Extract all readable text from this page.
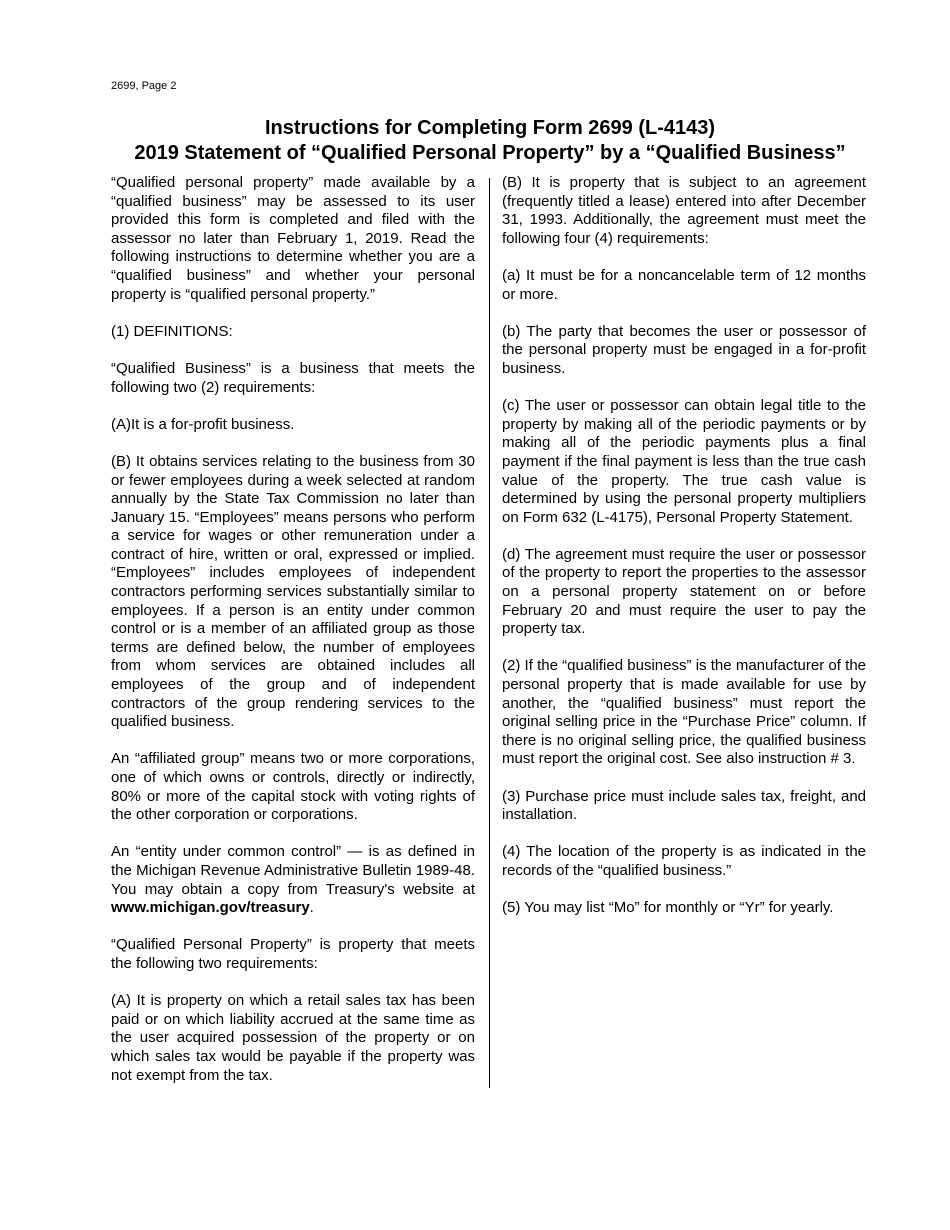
2699, Page 2
Instructions for Completing Form 2699 (L-4143)
2019 Statement of “Qualified Personal Property” by a “Qualified Business”

“Qualified personal property” made available by a “qualified business” may be assessed to its user provided this form is completed and filed with the assessor no later than February 1, 2019. Read the following instructions to determine whether you are a “qualified business” and whether your personal property is “qualified personal property.”

(1) DEFINITIONS:

“Qualified Business” is a business that meets the following two (2) requirements:

(A)It is a for-profit business.

(B) It obtains services relating to the business from 30 or fewer employees during a week selected at random annually by the State Tax Commission no later than January 15. “Employees” means persons who perform a service for wages or other remuneration under a contract of hire, written or oral, expressed or implied. “Employees” includes employees of independent contractors performing services substantially similar to employees. If a person is an entity under common control or is a member of an affiliated group as those terms are defined below, the number of employees from whom services are obtained includes all employees of the group and of independent contractors of the group rendering services to the qualified business.

An “affiliated group” means two or more corporations, one of which owns or controls, directly or indirectly, 80% or more of the capital stock with voting rights of the other corporation or corporations.

An “entity under common control” — is as defined in the Michigan Revenue Administrative Bulletin 1989-48. You may obtain a copy from Treasury's website at www.michigan.gov/treasury.

“Qualified Personal Property” is property that meets the following two requirements:

(A) It is property on which a retail sales tax has been paid or on which liability accrued at the same time as the user acquired possession of the property or on which sales tax would be payable if the property was not exempt from the tax.

(B) It is property that is subject to an agreement (frequently titled a lease) entered into after December 31, 1993. Additionally, the agreement must meet the following four (4) requirements:

(a) It must be for a noncancelable term of 12 months or more.

(b) The party that becomes the user or possessor of the personal property must be engaged in a for-profit business.

(c) The user or possessor can obtain legal title to the property by making all of the periodic payments or by making all of the periodic payments plus a final payment if the final payment is less than the true cash value of the property. The true cash value is determined by using the personal property multipliers on Form 632 (L-4175), Personal Property Statement.

(d) The agreement must require the user or possessor of the property to report the properties to the assessor on a personal property statement on or before February 20 and must require the user to pay the property tax.

(2) If the “qualified business” is the manufacturer of the personal property that is made available for use by another, the “qualified business” must report the original selling price in the “Purchase Price” column. If there is no original selling price, the qualified business must report the original cost. See also instruction # 3.

(3) Purchase price must include sales tax, freight, and installation.

(4) The location of the property is as indicated in the records of the “qualified business.”

(5) You may list “Mo” for monthly or “Yr” for yearly.
